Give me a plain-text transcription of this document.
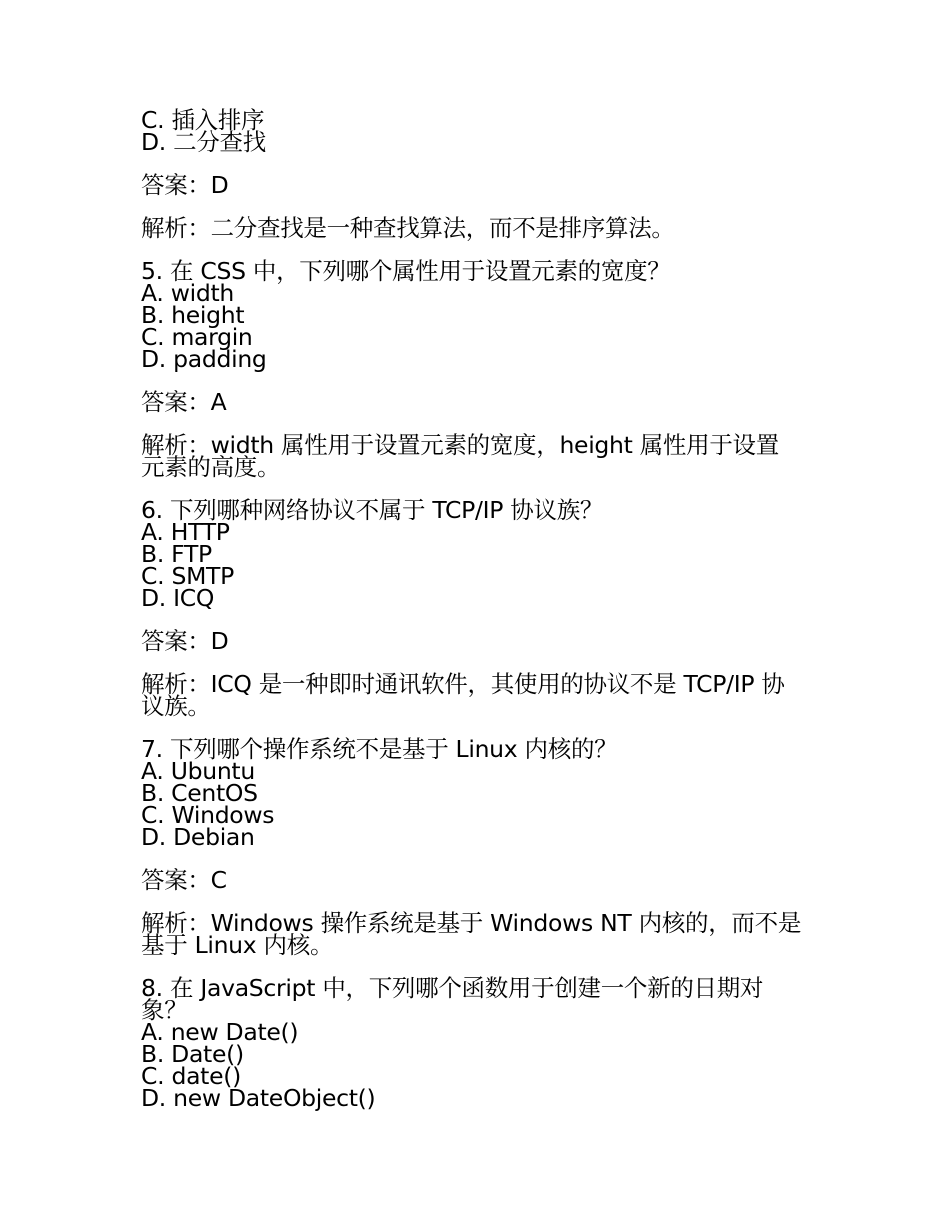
C. 插入排序
D. 二分查找
答案：D
解析：二分查找是一种查找算法，而不是排序算法。
5. 在 CSS 中，下列哪个属性用于设置元素的宽度？
A. width
B. height
C. margin
D. padding
答案：A
解析：width 属性用于设置元素的宽度，height 属性用于设置元素的高度。
6. 下列哪种网络协议不属于 TCP/IP 协议族？
A. HTTP
B. FTP
C. SMTP
D. ICQ
答案：D
解析：ICQ 是一种即时通讯软件，其使用的协议不是 TCP/IP 协议族。
7. 下列哪个操作系统不是基于 Linux 内核的？
A. Ubuntu
B. CentOS
C. Windows
D. Debian
答案：C
解析：Windows 操作系统是基于 Windows NT 内核的，而不是基于 Linux 内核。
8. 在 JavaScript 中，下列哪个函数用于创建一个新的日期对象？
A. new Date()
B. Date()
C. date()
D. new DateObject()
